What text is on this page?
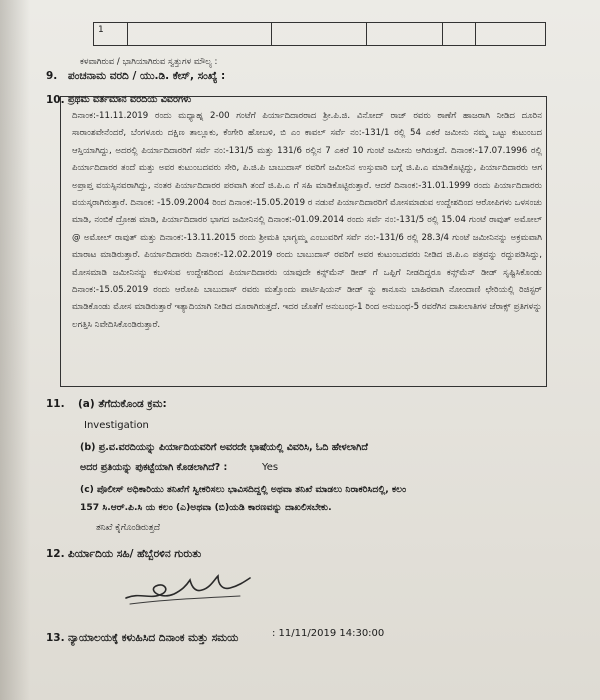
1
ಕಳವಾಗಿರುವ / ಭಾಗಿಯಾಗಿರುವ ಸ್ವತ್ತುಗಳ ಮೌಲ್ಯ :
9. ಪಂಚನಾಮ ವರದಿ / ಯು.ಡಿ. ಕೇಸ್, ಸಂಖ್ಯೆ :
10. ಪ್ರಥಮ ವರ್ತಮಾನ ವರದಿಯ ವಿವರಗಳು
ದಿನಾಂಕ:-11.11.2019 ರಂದು ಮಧ್ಯಾಹ್ನ 2-00 ಗಂಟೆಗೆ ಪಿರ್ಯಾದಿದಾರರಾದ ಶ್ರೀ.ಪಿ.ಜಿ. ವಿನೋದ್ ರಾಜ್ ರವರು ಠಾಣೆಗೆ ಹಾಜರಾಗಿ ನೀಡಿದ ದೂರಿನ ಸಾರಾಂಶವೇನೆಂದರೆ, ಬೆಂಗಳೂರು ದಕ್ಷಿಣ ತಾಲ್ಲೂಕು, ಕೆಂಗೇರಿ ಹೋಬಳಿ, ಬಿ ಎಂ ಕಾವಲ್ ಸರ್ವೆ ನಂ:-131/1 ರಲ್ಲಿ 54 ಎಕರೆ ಜಮೀನು ನಮ್ಮ ಒಟ್ಟು ಕುಟುಂಬದ ಆಸ್ತಿಯಾಗಿದ್ದು, ಅದರಲ್ಲಿ ಪಿರ್ಯಾದಿದಾರರಿಗೆ ಸರ್ವೆ ನಂ:-131/5 ಮತ್ತು 131/6 ರಲ್ಲಿನ 7 ಎಕರೆ 10 ಗುಂಟೆ ಜಮೀನು ಆಗಿರುತ್ತದೆ. ದಿನಾಂಕ:-17.07.1996 ರಲ್ಲಿ ಪಿರ್ಯಾದಿದಾರರ ತಂದೆ ಮತ್ತು ಅವರ ಕುಟುಂಬದವರು ಸೇರಿ, ಪಿ.ಜಿ.ಪಿ ಬಾಬುದಾಸ್ ರವರಿಗೆ ಜಮೀನಿನ ಉಸ್ತುವಾರಿ ಬಗ್ಗೆ ಜಿ.ಪಿ.ಎ ಮಾಡಿಕೊಟ್ಟಿದ್ದು, ಪಿರ್ಯಾದಿದಾರರು ಆಗ ಅಪ್ರಾಪ್ತ ವಯಸ್ಸಿನವರಾಗಿದ್ದು, ನಂತರ ಪಿರ್ಯಾದಿದಾರರ ಪರವಾಗಿ ತಂದೆ ಜಿ.ಪಿ.ಎ ಗೆ ಸಹಿ ಮಾಡಿಕೊಟ್ಟಿರುತ್ತಾರೆ. ಆದರೆ ದಿನಾಂಕ:-31.01.1999 ರಂದು ಪಿರ್ಯಾದಿದಾರರು ವಯಸ್ಕರಾಗಿರುತ್ತಾರೆ. ದಿನಾಂಕ: -15.09.2004 ರಿಂದ ದಿನಾಂಕ:-15.05.2019 ರ ನಡುವೆ ಪಿರ್ಯಾದಿದಾರರಿಗೆ ಮೋಸಮಾಡುವ ಉದ್ದೇಶದಿಂದ ಆರೋಪಿಗಳು ಒಳಸಂಚು ಮಾಡಿ, ನಂಬಿಕೆ ದ್ರೋಹ ಮಾಡಿ, ಪಿರ್ಯಾದಿದಾರರ ಭಾಗದ ಜಮೀನಿನಲ್ಲಿ ದಿನಾಂಕ:-01.09.2014 ರಂದು ಸರ್ವೆ ನಂ:-131/5 ರಲ್ಲಿ 15.04 ಗುಂಟೆ ರಾವುತ್ ಅಮೋಲ್ @ ಅಮೋಲ್ ರಾವುತ್ ಮತ್ತು ದಿನಾಂಕ:-13.11.2015 ರಂದು ಶ್ರೀಮತಿ ಭಾಗ್ಯಮ್ಮ ಎಂಬುವರಿಗೆ ಸರ್ವೆ ನಂ:-131/6 ರಲ್ಲಿ 28.3/4 ಗುಂಟೆ ಜಮೀನಿನನ್ನು ಅಕ್ರಮವಾಗಿ ಮಾರಾಟ ಮಾಡಿರುತ್ತಾರೆ. ಪಿರ್ಯಾದಿದಾರರು ದಿನಾಂಕ:-12.02.2019 ರಂದು ಬಾಬುದಾಸ್ ರವರಿಗೆ ಅವರ ಕುಟುಂಬದವರು ನೀಡಿದ ಜಿ.ಪಿ.ಎ ಪತ್ರವನ್ನು ರದ್ದುಪಡಿಸಿದ್ದು, ಮೋಸಮಾಡಿ ಜಮೀನಿನನ್ನು ಕಬಳಿಸುವ ಉದ್ದೇಶದಿಂದ ಪಿರ್ಯಾದಿದಾರರು ಯಾವುದೇ ಕನ್ಸ್‌ಮೆನ್ ಡೀಡ್ ಗೆ ಒಪ್ಪಿಗೆ ನೀಡದಿದ್ದರೂ ಕನ್ಸ್‌ಮೆನ್ ಡೀಡ್ ಸೃಷ್ಟಿಸಿಕೊಂಡು ದಿನಾಂಕ:-15.05.2019 ರಂದು ಆರೋಪಿ ಬಾಬುದಾಸ್ ರವರು ಮತ್ತೊಂದು ಪಾರ್ಟಿಷಿಯನ್ ಡೀಡ್ ನ್ನು ಕಾನೂನು ಬಾಹಿರವಾಗಿ ನೋಂದಾಣಿ ಛೇರಿಯಲ್ಲಿ ರಿಜಿಸ್ಟರ್ ಮಾಡಿಕೊಂಡು ಮೋಸ ಮಾಡಿರುತ್ತಾರೆ ಇತ್ಯಾದಿಯಾಗಿ ನೀಡಿದ ದೂರಾಗಿರುತ್ತದೆ. ಇದರ ಜೊತೆಗೆ ಅನುಬಂಧ-1 ರಿಂದ ಅನುಬಂಧ-5 ರವರೆಗಿನ ದಾಖಲಾತಿಗಳ ಜೆರಾಕ್ಸ್ ಪ್ರತಿಗಳನ್ನು ಲಗತ್ತಿಸಿ ನಿವೇದಿಸಿಕೊಂಡಿರುತ್ತಾರೆ.
11. (a) ತೆಗೆದುಕೊಂಡ ಕ್ರಮ:
Investigation
(b) ಪ್ರ.ವ.ವರದಿಯನ್ನು ಪಿರ್ಯಾದಿಯವರಿಗೆ ಅವರದೇ ಭಾಷೆಯಲ್ಲಿ ವಿವರಿಸಿ, ಓದಿ ಹೇಳಲಾಗಿದೆ
ಅದರ ಪ್ರತಿಯನ್ನು ಪುಕಟ್ಟೆಯಾಗಿ ಕೊಡಲಾಗಿದೆ? :	Yes
(c) ಪೊಲೀಸ್ ಅಧಿಕಾರಿಯು ತನಿಖೆಗೆ ಸ್ವೀಕರಿಸಲು ಭಾವಿಸದಿದ್ದಲ್ಲಿ ಅಥವಾ ತನಿಖೆ ಮಾಡಲು ನಿರಾಕರಿಸಿದಲ್ಲಿ, ಕಲಂ
157 ಸಿ.ಆರ್.ಪಿ.ಸಿ ಯ ಕಲಂ (ಎ)ಅಥವಾ (ಬಿ)ಯಡಿ ಕಾರಣವನ್ನು ದಾಖಲಿಸಬೇಕು.
ತನಿಖೆ ಕೈಗೊಂಡಿರುತ್ತದೆ
12. ಪಿರ್ಯಾದಿಯ ಸಹಿ/ ಹೆಬ್ಬೆರಳಿನ ಗುರುತು
13. ನ್ಯಾಯಾಲಯಕ್ಕೆ ಕಳುಹಿಸಿದ ದಿನಾಂಕ ಮತ್ತು ಸಮಯ	: 11/11/2019 14:30:00
